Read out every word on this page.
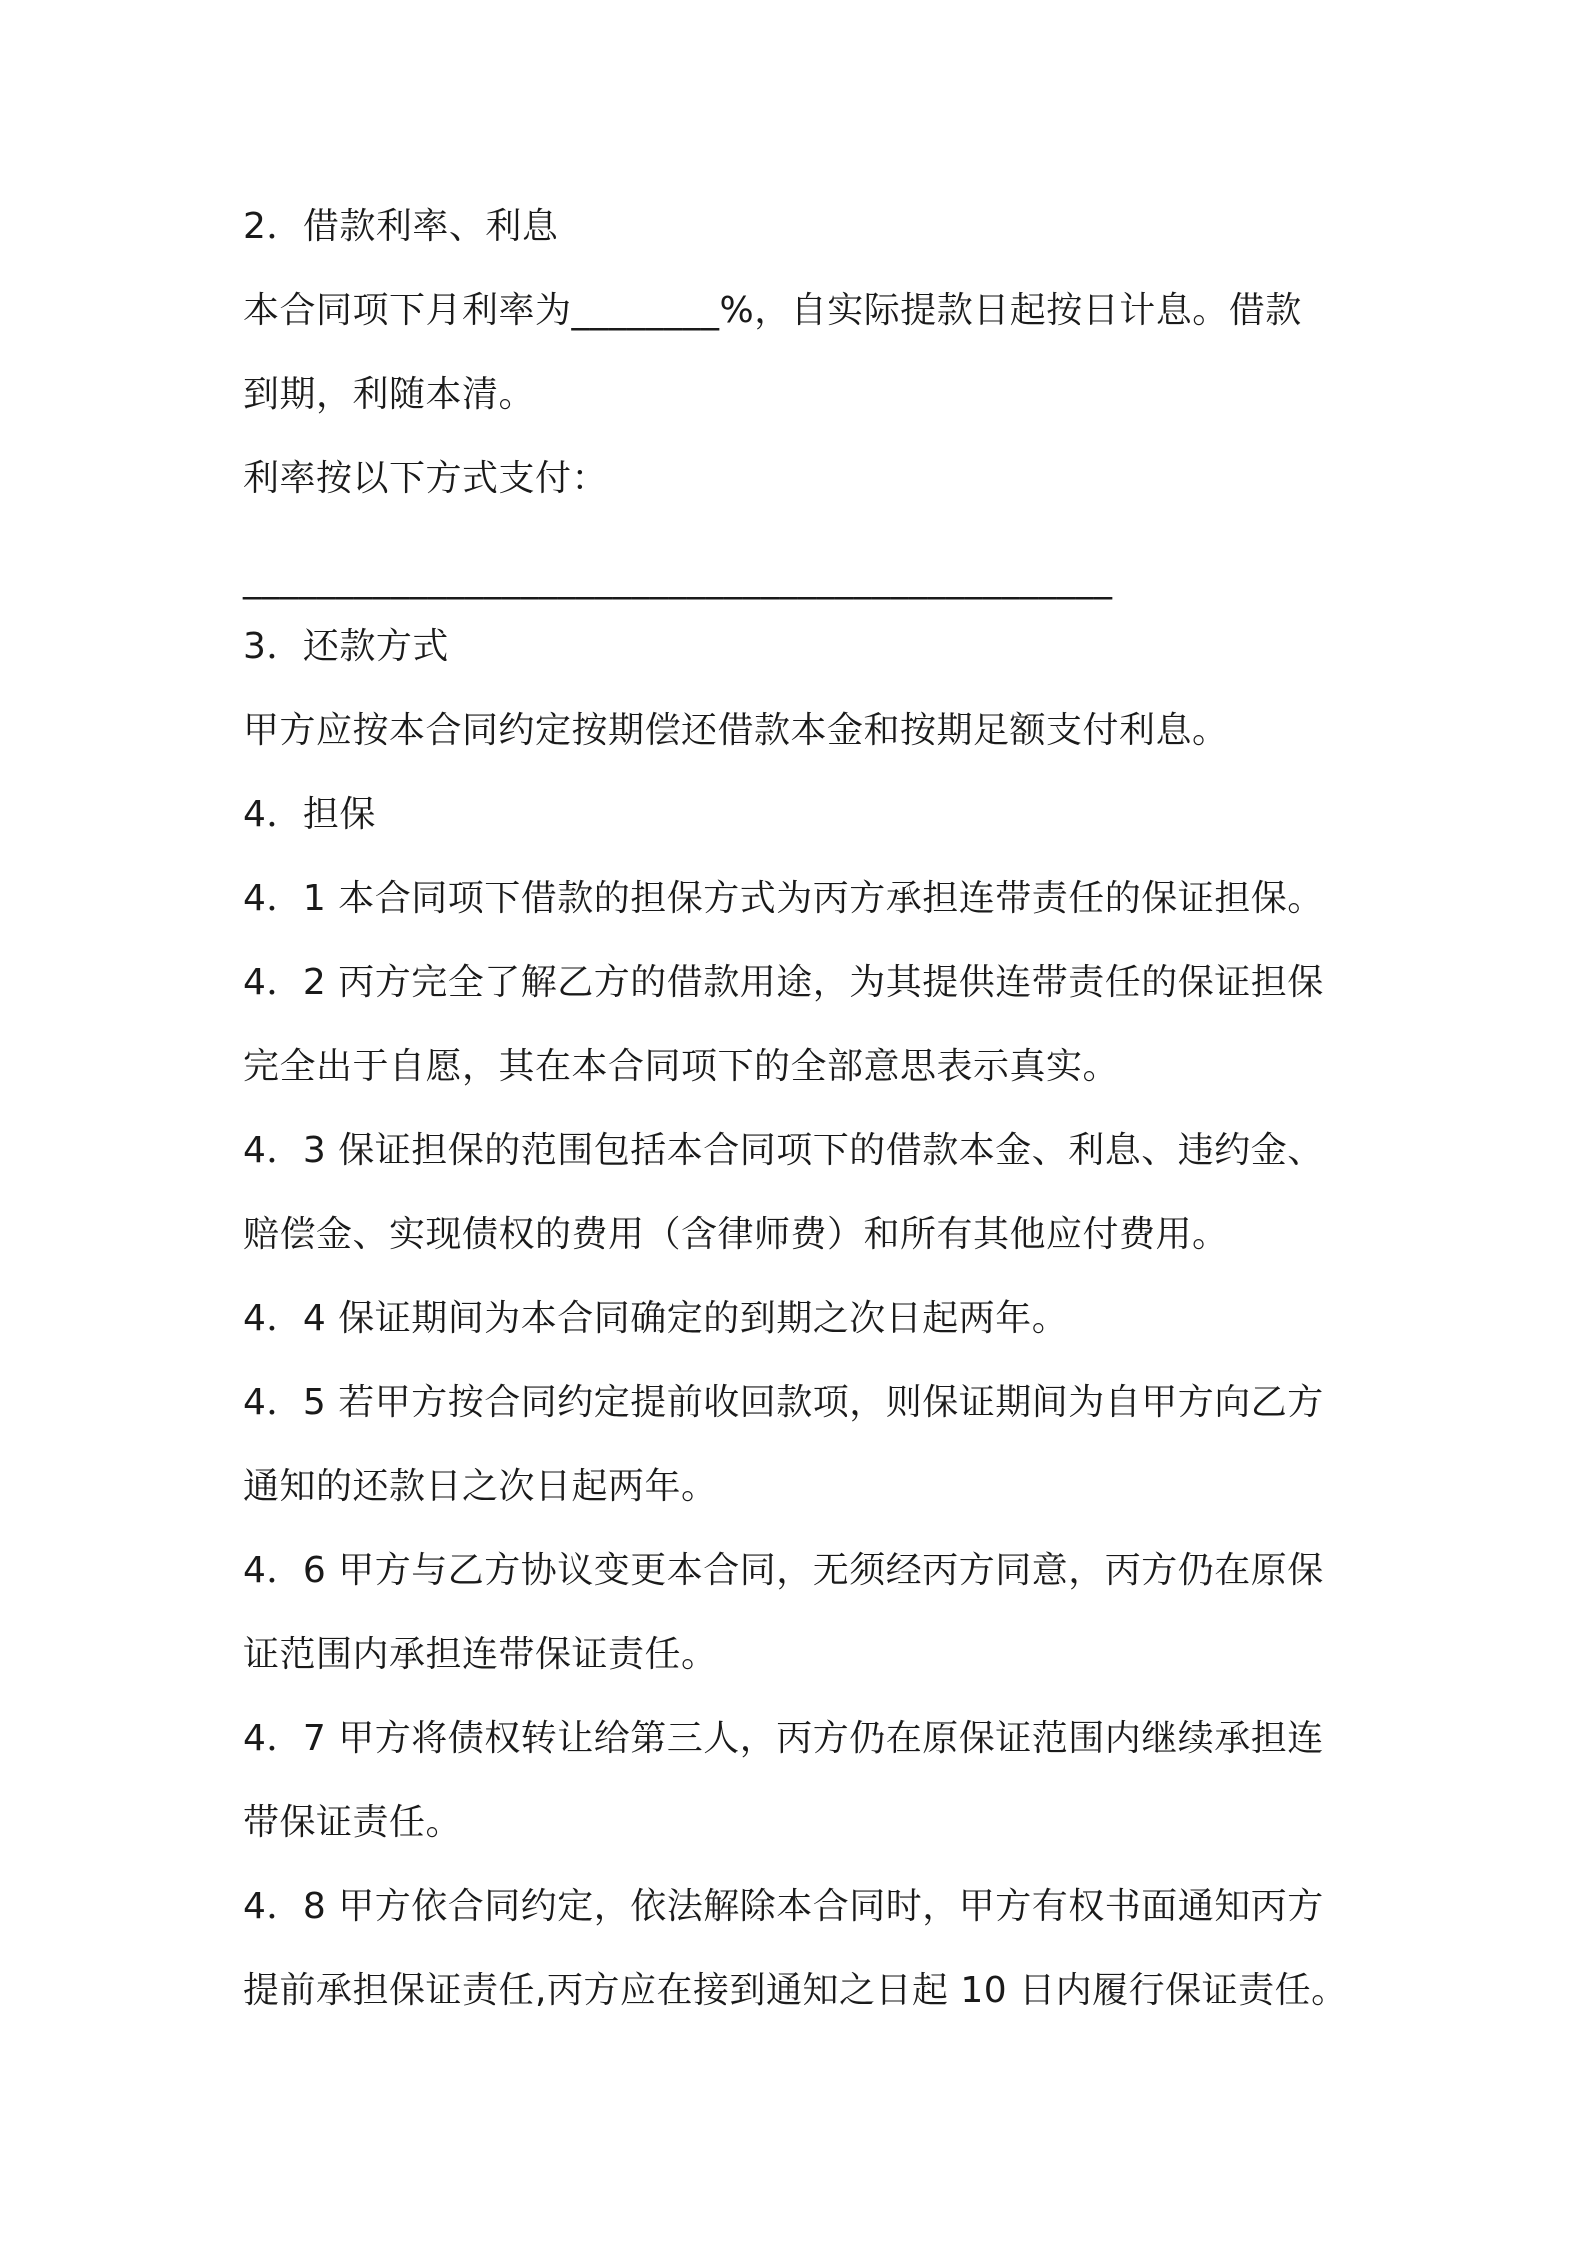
2．借款利率、利息
本合同项下月利率为________%，自实际提款日起按日计息。借款
到期，利随本清。
利率按以下方式支付：
_______________________________________________
3．还款方式
甲方应按本合同约定按期偿还借款本金和按期足额支付利息。
4．担保
4．1 本合同项下借款的担保方式为丙方承担连带责任的保证担保。
4．2 丙方完全了解乙方的借款用途，为其提供连带责任的保证担保
完全出于自愿，其在本合同项下的全部意思表示真实。
4．3 保证担保的范围包括本合同项下的借款本金、利息、违约金、
赔偿金、实现债权的费用（含律师费）和所有其他应付费用。
4．4 保证期间为本合同确定的到期之次日起两年。
4．5 若甲方按合同约定提前收回款项，则保证期间为自甲方向乙方
通知的还款日之次日起两年。
4．6 甲方与乙方协议变更本合同，无须经丙方同意，丙方仍在原保
证范围内承担连带保证责任。
4．7 甲方将债权转让给第三人，丙方仍在原保证范围内继续承担连
带保证责任。
4．8 甲方依合同约定，依法解除本合同时，甲方有权书面通知丙方
提前承担保证责任,丙方应在接到通知之日起 10 日内履行保证责任。
